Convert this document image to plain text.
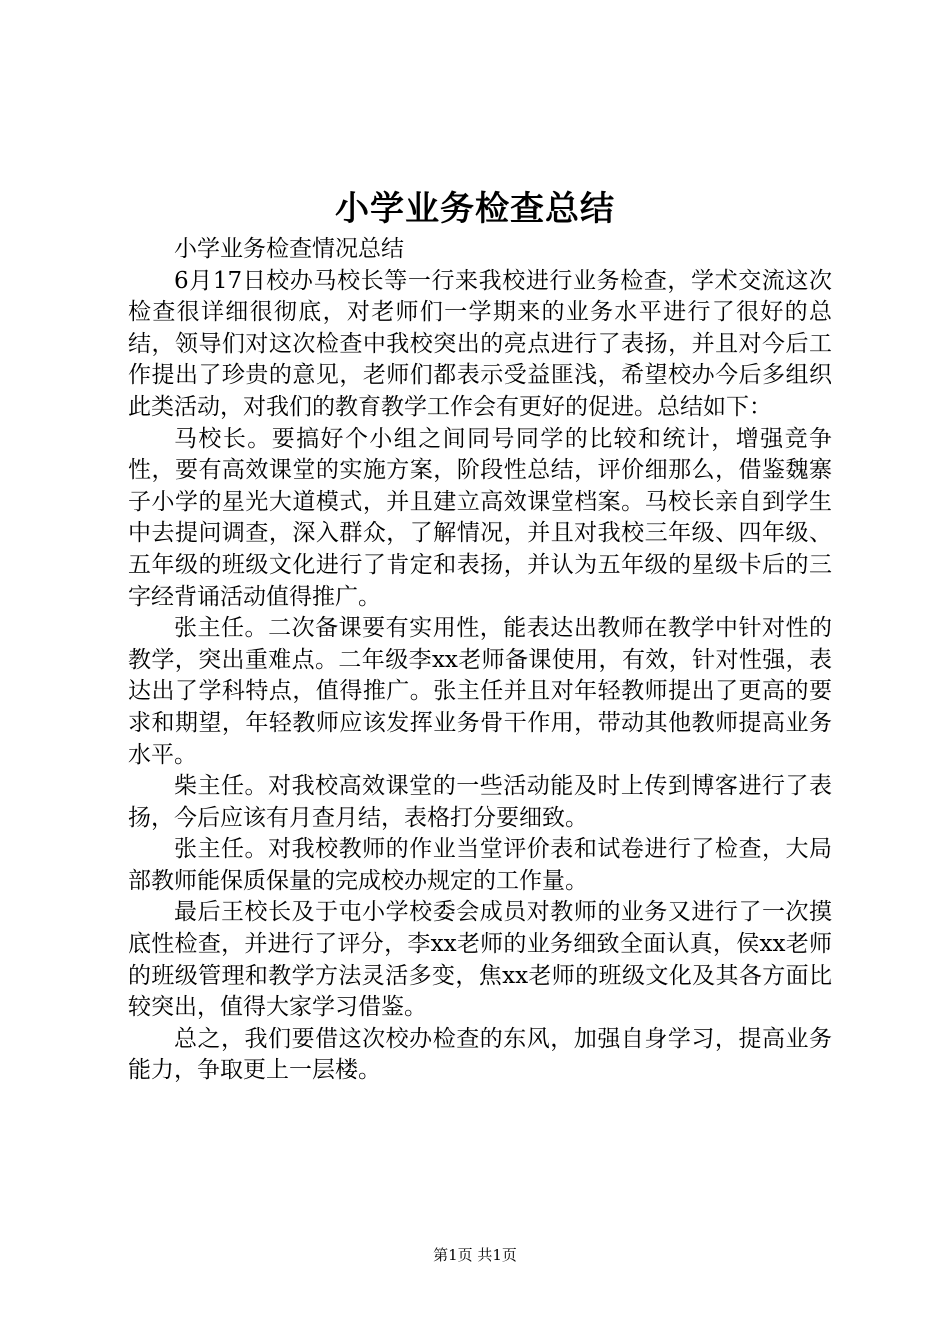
小学业务检查总结

小学业务检查情况总结

6月17日校办马校长等一行来我校进行业务检查，学术交流这次检查很详细很彻底，对老师们一学期来的业务水平进行了很好的总结，领导们对这次检查中我校突出的亮点进行了表扬，并且对今后工作提出了珍贵的意见，老师们都表示受益匪浅，希望校办今后多组织此类活动，对我们的教育教学工作会有更好的促进。总结如下：

马校长。要搞好个小组之间同号同学的比较和统计，增强竞争性，要有高效课堂的实施方案，阶段性总结，评价细那么，借鉴魏寨子小学的星光大道模式，并且建立高效课堂档案。马校长亲自到学生中去提问调查，深入群众，了解情况，并且对我校三年级、四年级、五年级的班级文化进行了肯定和表扬，并认为五年级的星级卡后的三字经背诵活动值得推广。

张主任。二次备课要有实用性，能表达出教师在教学中针对性的教学，突出重难点。二年级李xx老师备课使用，有效，针对性强，表达出了学科特点，值得推广。张主任并且对年轻教师提出了更高的要求和期望，年轻教师应该发挥业务骨干作用，带动其他教师提高业务水平。

柴主任。对我校高效课堂的一些活动能及时上传到博客进行了表扬，今后应该有月查月结，表格打分要细致。

张主任。对我校教师的作业当堂评价表和试卷进行了检查，大局部教师能保质保量的完成校办规定的工作量。

最后王校长及于屯小学校委会成员对教师的业务又进行了一次摸底性检查，并进行了评分，李xx老师的业务细致全面认真，侯xx老师的班级管理和教学方法灵活多变，焦xx老师的班级文化及其各方面比较突出，值得大家学习借鉴。

总之，我们要借这次校办检查的东风，加强自身学习，提高业务能力，争取更上一层楼。

第1页 共1页
